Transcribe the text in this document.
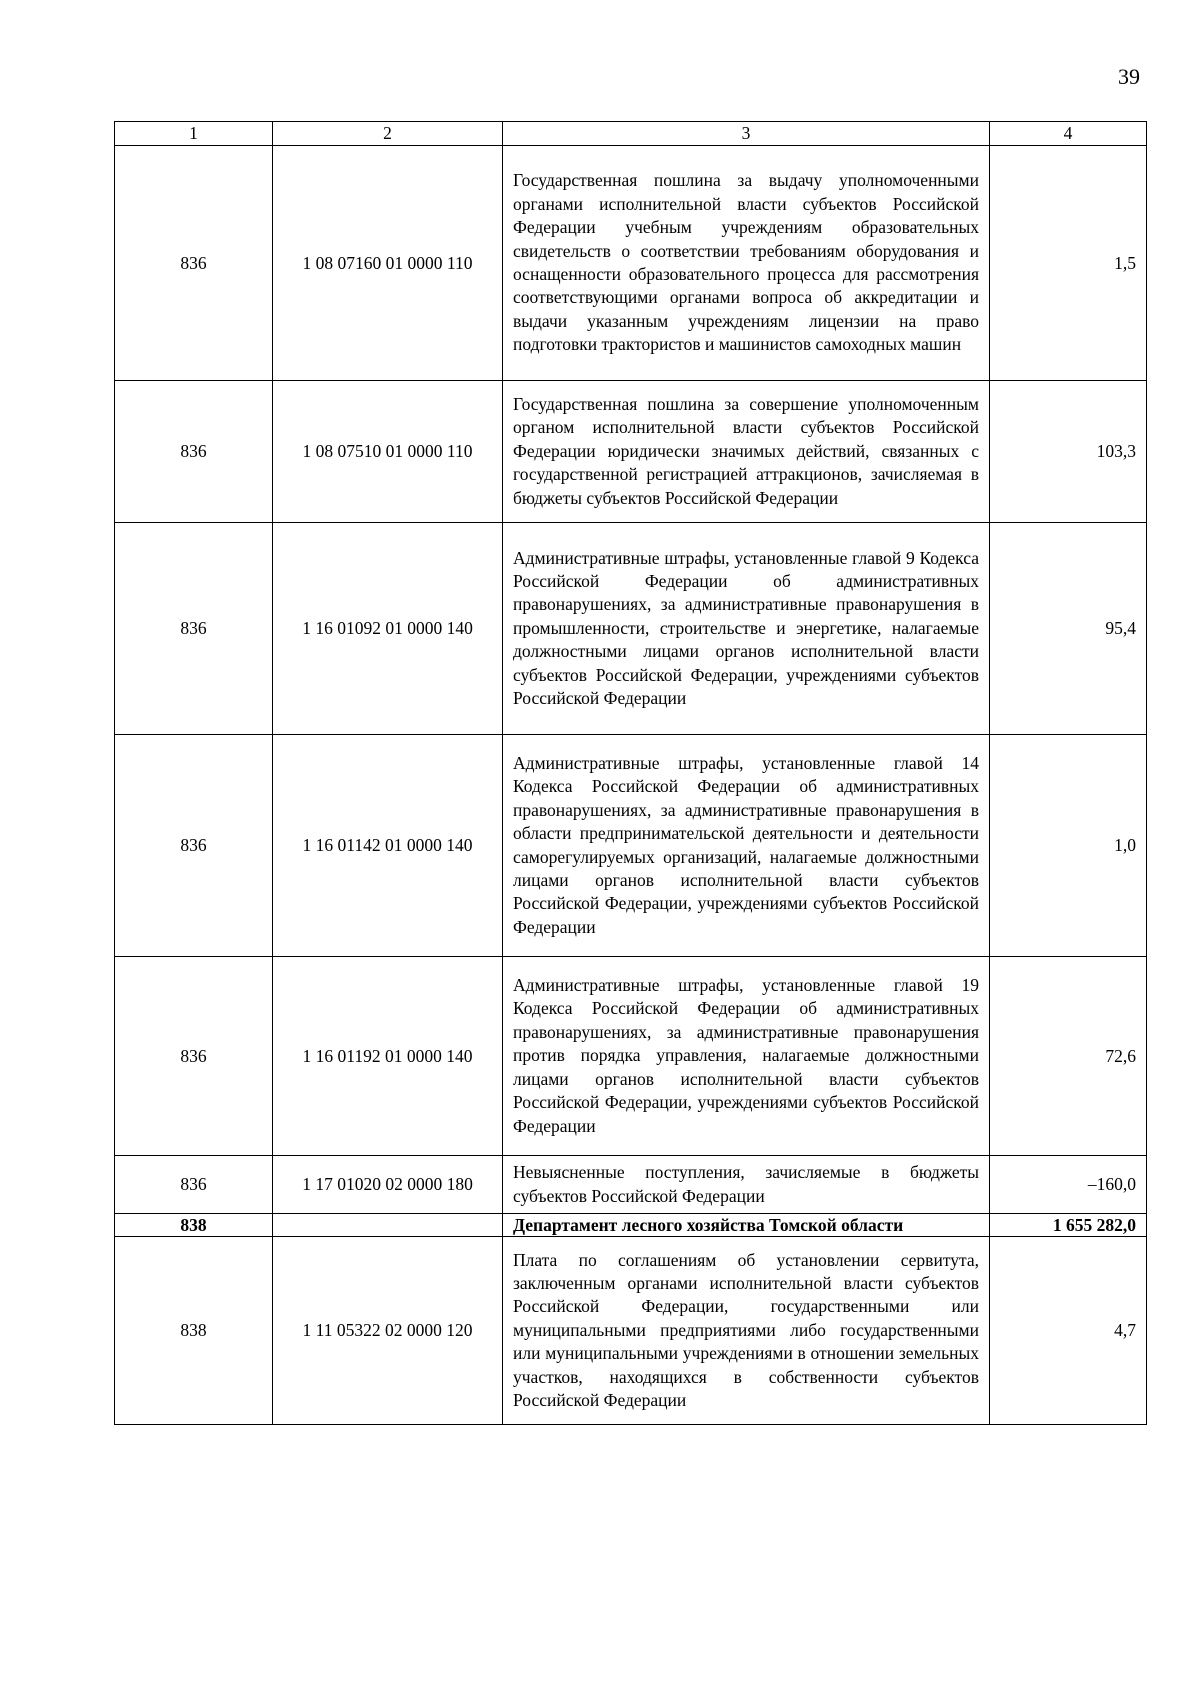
39
1	2	3	4
836	1 08 07160 01 0000 110	Государственная пошлина за выдачу уполномоченными органами исполнительной власти субъектов Российской Федерации учебным учреждениям образовательных свидетельств о соответствии требованиям оборудования и оснащенности образовательного процесса для рассмотрения соответствующими органами вопроса об аккредитации и выдачи указанным учреждениям лицензии на право подготовки трактористов и машинистов самоходных машин	1,5
836	1 08 07510 01 0000 110	Государственная пошлина за совершение уполномоченным органом исполнительной власти субъектов Российской Федерации юридически значимых действий, связанных с государственной регистрацией аттракционов, зачисляемая в бюджеты субъектов Российской Федерации	103,3
836	1 16 01092 01 0000 140	Административные штрафы, установленные главой 9 Кодекса Российской Федерации об административных правонарушениях, за административные правонарушения в промышленности, строительстве и энергетике, налагаемые должностными лицами органов исполнительной власти субъектов Российской Федерации, учреждениями субъектов Российской Федерации	95,4
836	1 16 01142 01 0000 140	Административные штрафы, установленные главой 14 Кодекса Российской Федерации об административных правонарушениях, за административные правонарушения в области предпринимательской деятельности и деятельности саморегулируемых организаций, налагаемые должностными лицами органов исполнительной власти субъектов Российской Федерации, учреждениями субъектов Российской Федерации	1,0
836	1 16 01192 01 0000 140	Административные штрафы, установленные главой 19 Кодекса Российской Федерации об административных правонарушениях, за административные правонарушения против порядка управления, налагаемые должностными лицами органов исполнительной власти субъектов Российской Федерации, учреждениями субъектов Российской Федерации	72,6
836	1 17 01020 02 0000 180	Невыясненные поступления, зачисляемые в бюджеты субъектов Российской Федерации	–160,0
838		Департамент лесного хозяйства Томской области	1 655 282,0
838	1 11 05322 02 0000 120	Плата по соглашениям об установлении сервитута, заключенным органами исполнительной власти субъектов Российской Федерации, государственными или муниципальными предприятиями либо государственными или муниципальными учреждениями в отношении земельных участков, находящихся в собственности субъектов Российской Федерации	4,7
